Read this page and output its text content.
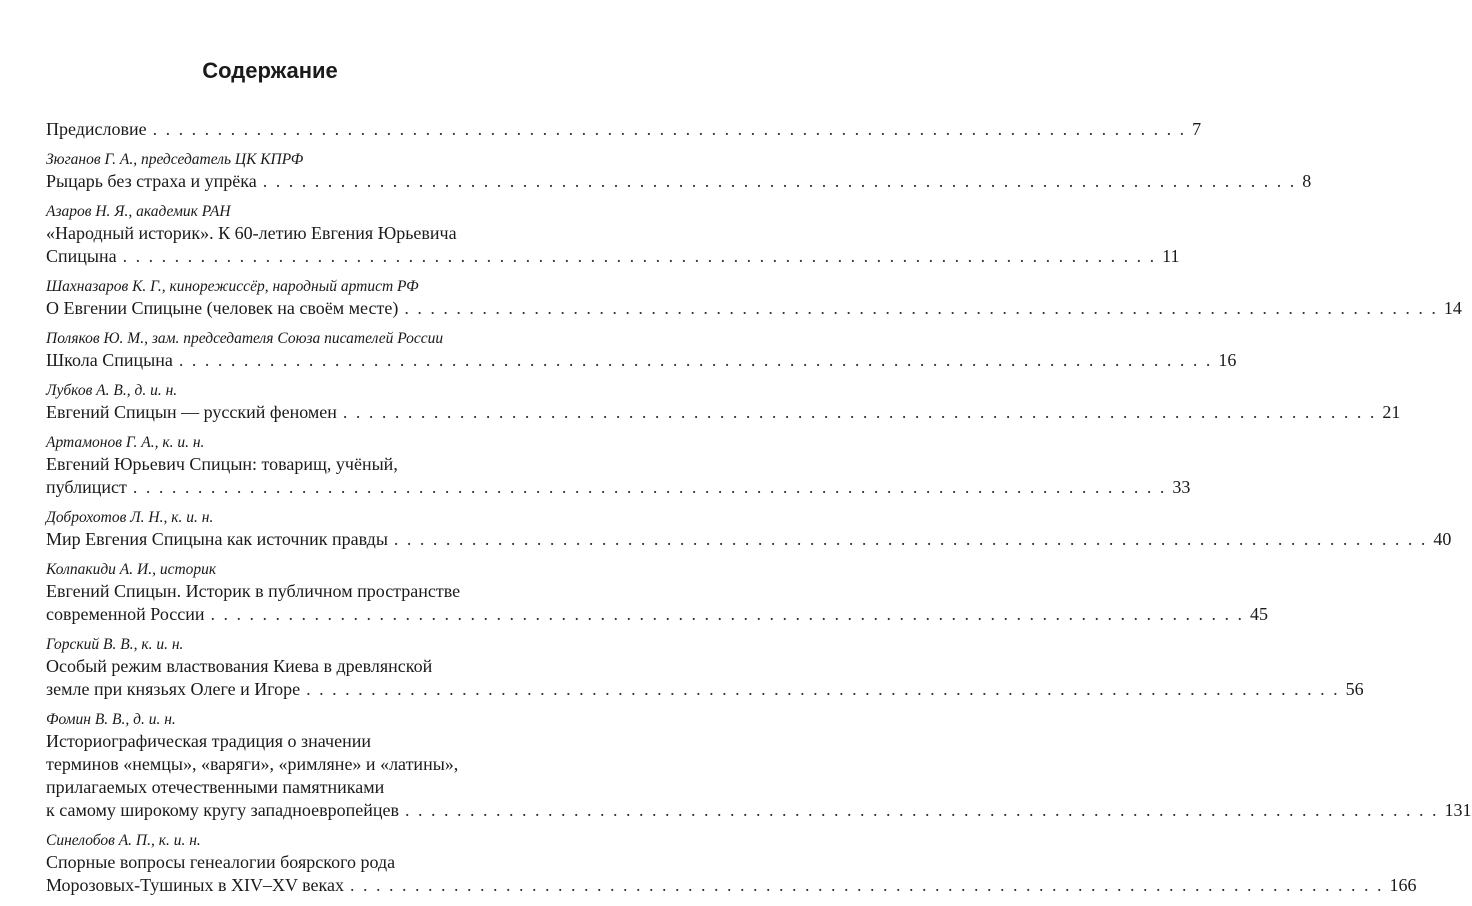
Содержание
Предисловие . . . . . . . . . . . . . . . . . . . . . . . . . . . . . . . . . . . . . . . . . . . . . . . . . . . . . . . . . . . . . . . . . . . . . . . . . . . . . . . . 7
Зюганов Г. А., председатель ЦК КПРФ
Рыцарь без страха и упрёка . . . . . . . . . . . . . . . . . . . . . . . . . . . . . . . . . . . . . . . . . . . . . . . . . . . . . . . . . . . . . . . . . . . . . . . . . . . . . . . . 8
Азаров Н. Я., академик РАН
«Народный историк». К 60-летию Евгения Юрьевича
Спицына . . . . . . . . . . . . . . . . . . . . . . . . . . . . . . . . . . . . . . . . . . . . . . . . . . . . . . . . . . . . . . . . . . . . . . . . . . . . . . . . 11
Шахназаров К. Г., кинорежиссёр, народный артист РФ
О Евгении Спицыне (человек на своём месте) . . . . . . . . . . . . . . . . . . . . . . . . . . . . . . . . . . . . . . . . . . . . . . . . . . . . . . . . . . . . . . . . . . . . . . . . . . . . . . . . 14
Поляков Ю. М., зам. председателя Союза писателей России
Школа Спицына . . . . . . . . . . . . . . . . . . . . . . . . . . . . . . . . . . . . . . . . . . . . . . . . . . . . . . . . . . . . . . . . . . . . . . . . . . . . . . . . 16
Лубков А. В., д. и. н.
Евгений Спицын — русский феномен . . . . . . . . . . . . . . . . . . . . . . . . . . . . . . . . . . . . . . . . . . . . . . . . . . . . . . . . . . . . . . . . . . . . . . . . . . . . . . . . 21
Артамонов Г. А., к. и. н.
Евгений Юрьевич Спицын: товарищ, учёный,
публицист . . . . . . . . . . . . . . . . . . . . . . . . . . . . . . . . . . . . . . . . . . . . . . . . . . . . . . . . . . . . . . . . . . . . . . . . . . . . . . . . 33
Доброхотов Л. Н., к. и. н.
Мир Евгения Спицына как источник правды . . . . . . . . . . . . . . . . . . . . . . . . . . . . . . . . . . . . . . . . . . . . . . . . . . . . . . . . . . . . . . . . . . . . . . . . . . . . . . . . 40
Колпакиди А. И., историк
Евгений Спицын. Историк в публичном пространстве
современной России . . . . . . . . . . . . . . . . . . . . . . . . . . . . . . . . . . . . . . . . . . . . . . . . . . . . . . . . . . . . . . . . . . . . . . . . . . . . . . . . 45
Горский В. В., к. и. н.
Особый режим властвования Киева в древлянской
земле при князьях Олеге и Игоре . . . . . . . . . . . . . . . . . . . . . . . . . . . . . . . . . . . . . . . . . . . . . . . . . . . . . . . . . . . . . . . . . . . . . . . . . . . . . . . . 56
Фомин В. В., д. и. н.
Историографическая традиция о значении
терминов «немцы», «варяги», «римляне» и «латины»,
прилагаемых отечественными памятниками
к самому широкому кругу западноевропейцев . . . . . . . . . . . . . . . . . . . . . . . . . . . . . . . . . . . . . . . . . . . . . . . . . . . . . . . . . . . . . . . . . . . . . . . . . . . . . . . . 131
Синелобов А. П., к. и. н.
Спорные вопросы генеалогии боярского рода
Морозовых-Тушиных в XIV–XV веках . . . . . . . . . . . . . . . . . . . . . . . . . . . . . . . . . . . . . . . . . . . . . . . . . . . . . . . . . . . . . . . . . . . . . . . . . . . . . . . . 166
